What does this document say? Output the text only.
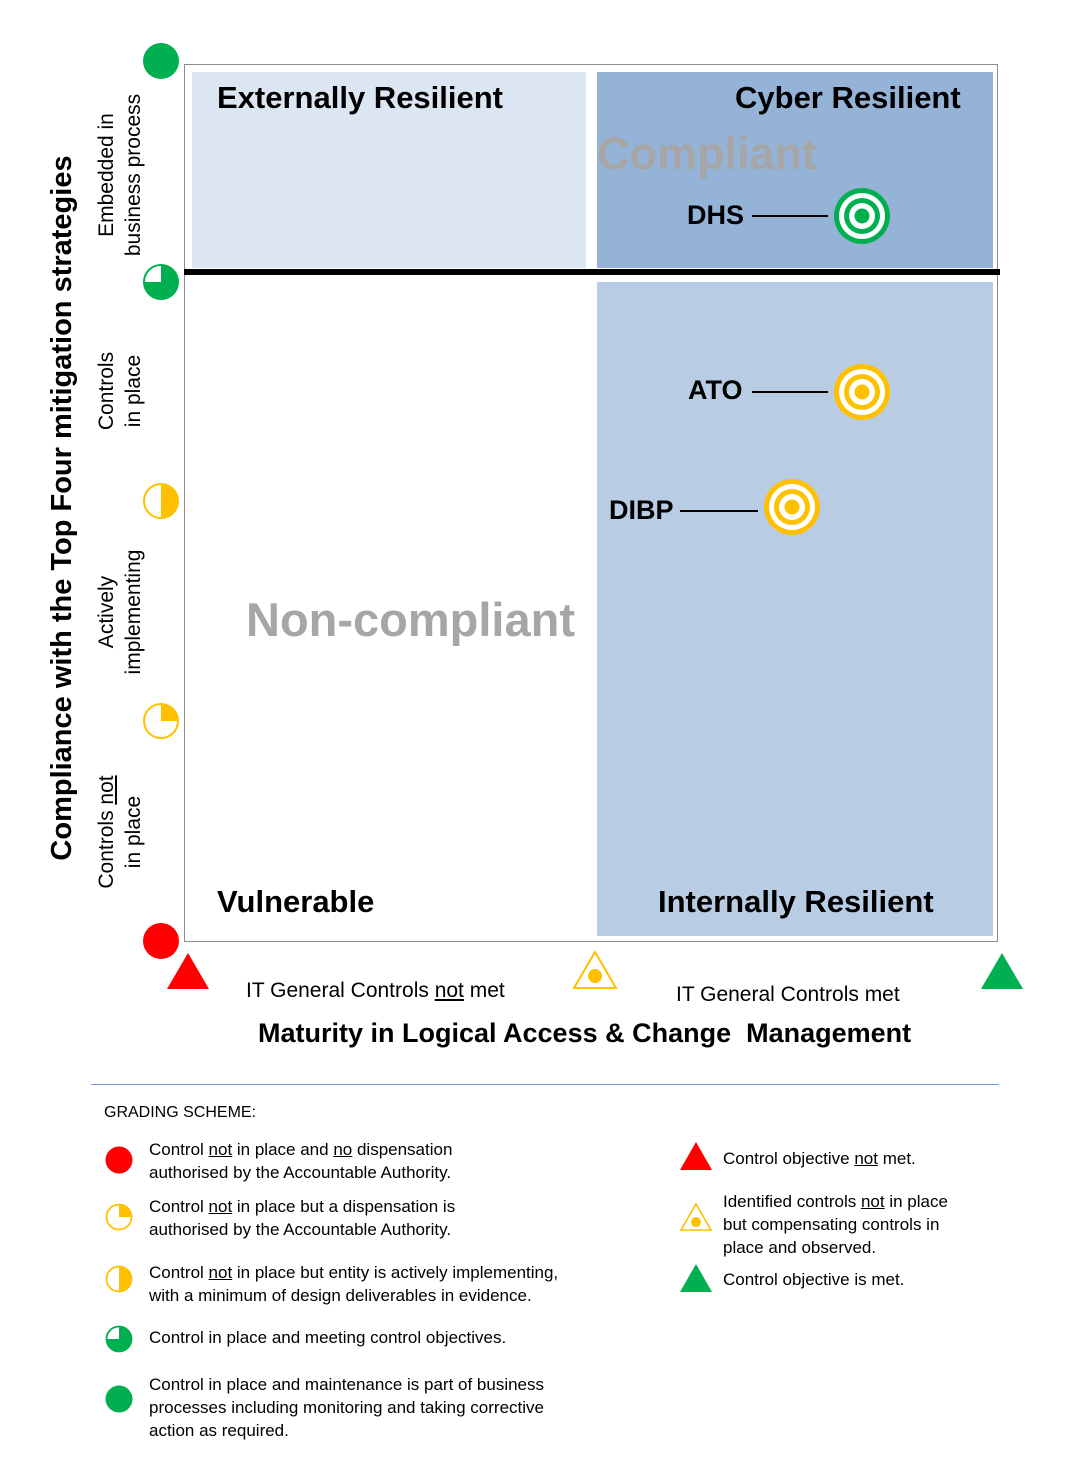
Externally Resilient	Cyber Resilient
Vulnerable	Internally Resilient
Compliant
Non-compliant
DHS
ATO
DIBP
Compliance with the Top Four mitigation strategies Embedded in business process
Controls in place
Actively implementing
Controls not
in place
IT General Controls not met	IT General Controls met
Maturity in Logical Access & Change  Management
GRADING SCHEME:
Control not in place and no dispensation
authorised by the Accountable Authority.
Control not in place but a dispensation is
authorised by the Accountable Authority.
Control not in place but entity is actively implementing,
with a minimum of design deliverables in evidence.
Control in place and meeting control objectives.
Control in place and maintenance is part of business
processes including monitoring and taking corrective
action as required.
Control objective not met.
Identified controls not in place
but compensating controls in
place and observed.
Control objective is met.
